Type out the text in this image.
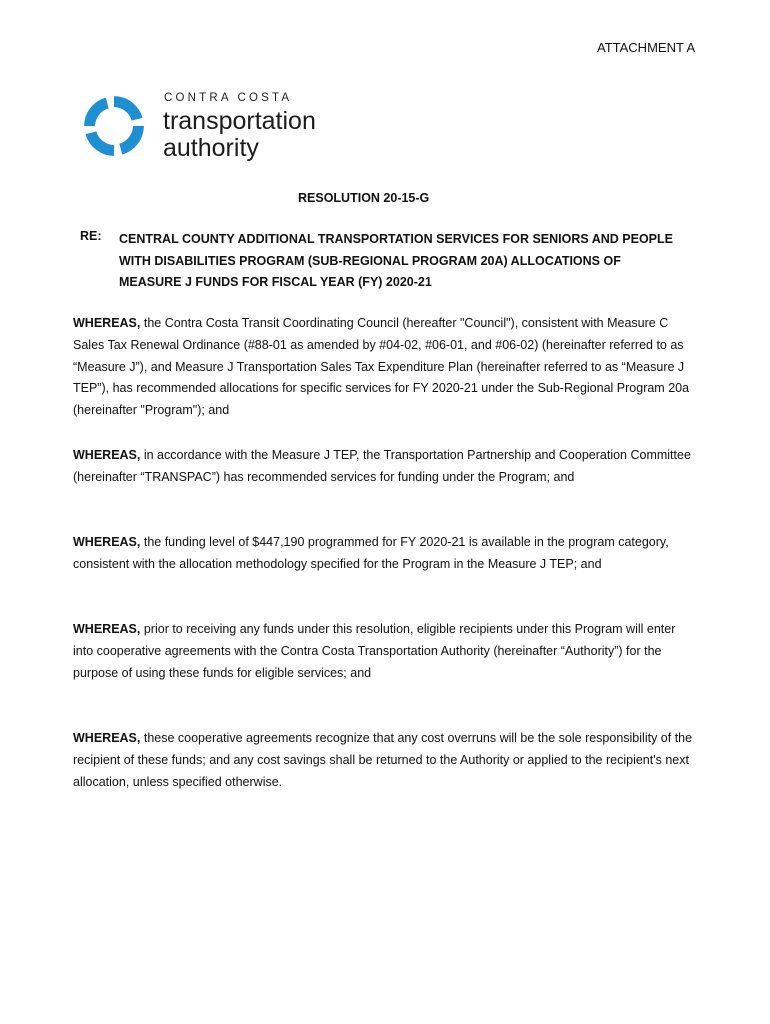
ATTACHMENT A
CONTRA COSTA
transportation
authority
RESOLUTION 20-15-G
RE: CENTRAL COUNTY ADDITIONAL TRANSPORTATION SERVICES FOR SENIORS AND PEOPLE WITH DISABILITIES PROGRAM (SUB-REGIONAL PROGRAM 20A) ALLOCATIONS OF MEASURE J FUNDS FOR FISCAL YEAR (FY) 2020-21
WHEREAS, the Contra Costa Transit Coordinating Council (hereafter "Council"), consistent with Measure C Sales Tax Renewal Ordinance (#88-01 as amended by #04-02, #06-01, and #06-02) (hereinafter referred to as “Measure J”), and Measure J Transportation Sales Tax Expenditure Plan (hereinafter referred to as “Measure J TEP”), has recommended allocations for specific services for FY 2020-21 under the Sub-Regional Program 20a (hereinafter "Program"); and
WHEREAS, in accordance with the Measure J TEP, the Transportation Partnership and Cooperation Committee (hereinafter “TRANSPAC”) has recommended services for funding under the Program; and
WHEREAS, the funding level of $447,190 programmed for FY 2020-21 is available in the program category, consistent with the allocation methodology specified for the Program in the Measure J TEP; and
WHEREAS, prior to receiving any funds under this resolution, eligible recipients under this Program will enter into cooperative agreements with the Contra Costa Transportation Authority (hereinafter “Authority”) for the purpose of using these funds for eligible services; and
WHEREAS, these cooperative agreements recognize that any cost overruns will be the sole responsibility of the recipient of these funds; and any cost savings shall be returned to the Authority or applied to the recipient's next allocation, unless specified otherwise.
